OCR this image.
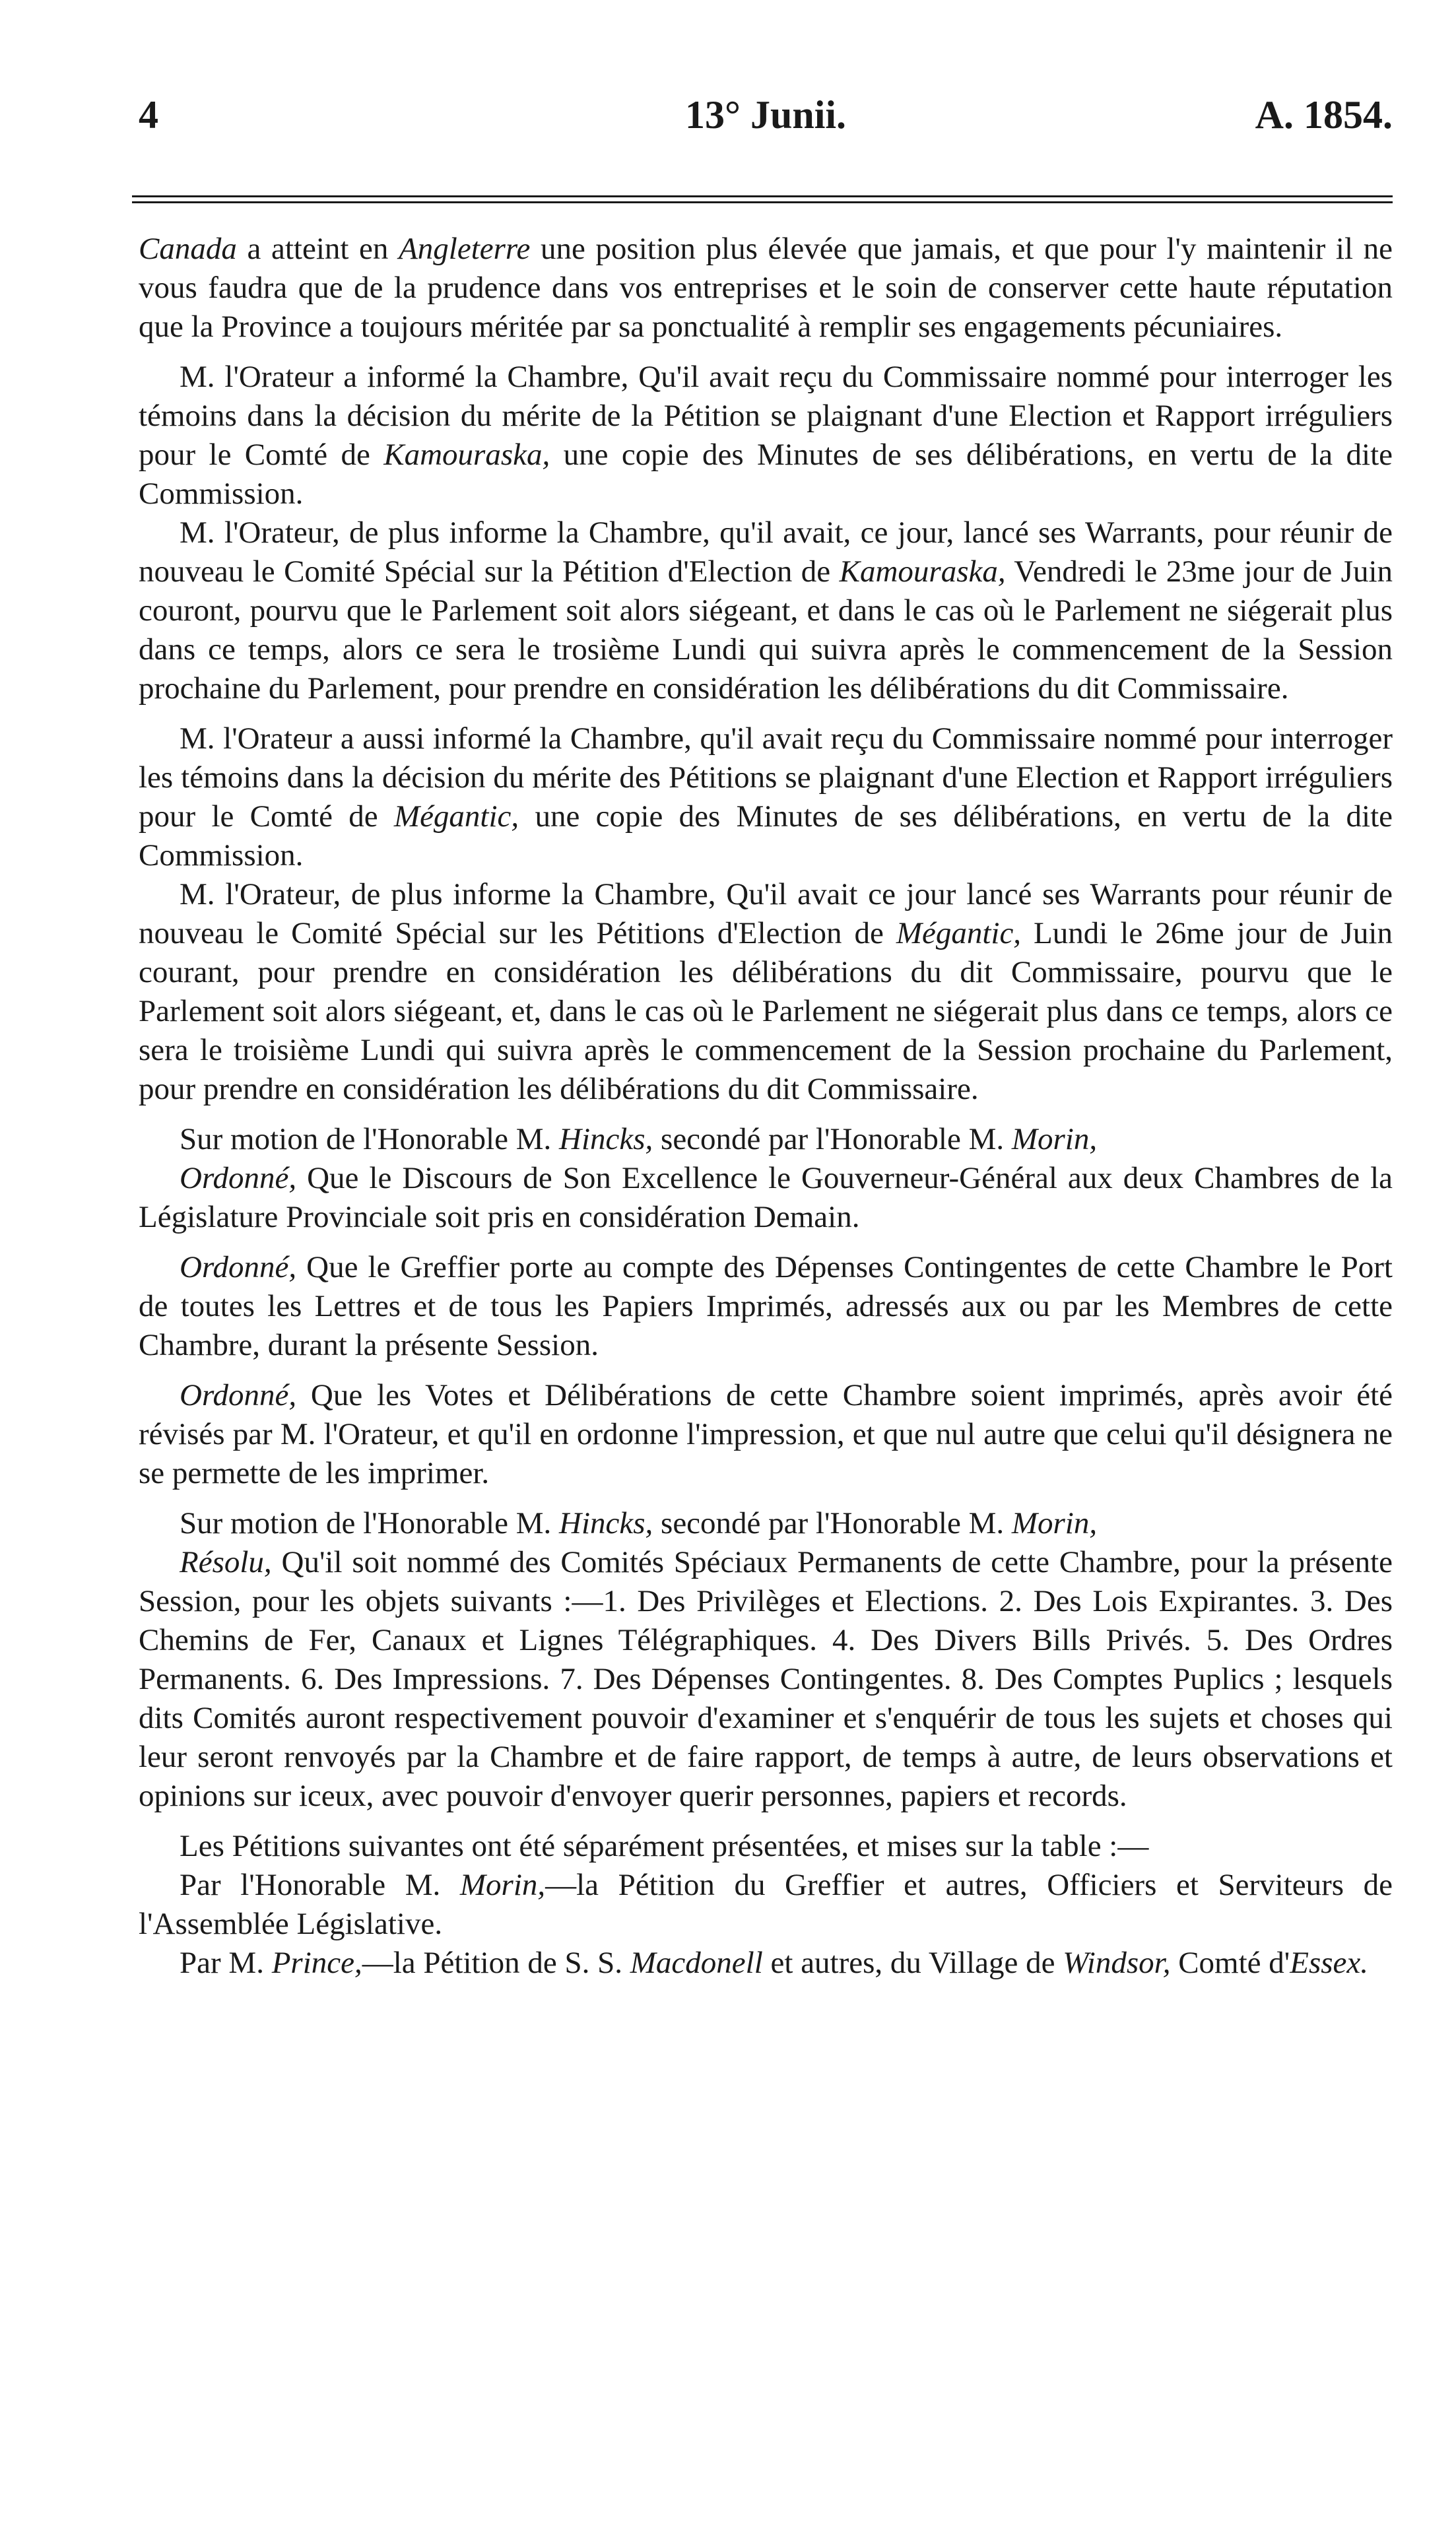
4	13° Junii.	A. 1854.

Canada a atteint en Angleterre une position plus élevée que jamais, et que pour l'y maintenir il ne vous faudra que de la prudence dans vos entreprises et le soin de conserver cette haute réputation que la Province a toujours méritée par sa ponctualité à remplir ses engagements pécuniaires.

M. l'Orateur a informé la Chambre, Qu'il avait reçu du Commissaire nommé pour interroger les témoins dans la décision du mérite de la Pétition se plaignant d'une Election et Rapport irréguliers pour le Comté de Kamouraska, une copie des Minutes de ses délibérations, en vertu de la dite Commission.

M. l'Orateur, de plus informe la Chambre, qu'il avait, ce jour, lancé ses Warrants, pour réunir de nouveau le Comité Spécial sur la Pétition d'Election de Kamouraska, Vendredi le 23me jour de Juin couront, pourvu que le Parlement soit alors siégeant, et dans le cas où le Parlement ne siégerait plus dans ce temps, alors ce sera le trosième Lundi qui suivra après le commencement de la Session prochaine du Parlement, pour prendre en considération les délibérations du dit Commissaire.

M. l'Orateur a aussi informé la Chambre, qu'il avait reçu du Commissaire nommé pour interroger les témoins dans la décision du mérite des Pétitions se plaignant d'une Election et Rapport irréguliers pour le Comté de Mégantic, une copie des Minutes de ses délibérations, en vertu de la dite Commission.

M. l'Orateur, de plus informe la Chambre, Qu'il avait ce jour lancé ses Warrants pour réunir de nouveau le Comité Spécial sur les Pétitions d'Election de Mégantic, Lundi le 26me jour de Juin courant, pour prendre en considération les délibérations du dit Commissaire, pourvu que le Parlement soit alors siégeant, et, dans le cas où le Parlement ne siégerait plus dans ce temps, alors ce sera le troisième Lundi qui suivra après le commencement de la Session prochaine du Parlement, pour prendre en considération les délibérations du dit Commissaire.

Sur motion de l'Honorable M. Hincks, secondé par l'Honorable M. Morin,

Ordonné, Que le Discours de Son Excellence le Gouverneur-Général aux deux Chambres de la Législature Provinciale soit pris en considération Demain.

Ordonné, Que le Greffier porte au compte des Dépenses Contingentes de cette Chambre le Port de toutes les Lettres et de tous les Papiers Imprimés, adressés aux ou par les Membres de cette Chambre, durant la présente Session.

Ordonné, Que les Votes et Délibérations de cette Chambre soient imprimés, après avoir été révisés par M. l'Orateur, et qu'il en ordonne l'impression, et que nul autre que celui qu'il désignera ne se permette de les imprimer.

Sur motion de l'Honorable M. Hincks, secondé par l'Honorable M. Morin,

Résolu, Qu'il soit nommé des Comités Spéciaux Permanents de cette Chambre, pour la présente Session, pour les objets suivants :—1. Des Privilèges et Elections. 2. Des Lois Expirantes. 3. Des Chemins de Fer, Canaux et Lignes Télégraphiques. 4. Des Divers Bills Privés. 5. Des Ordres Permanents. 6. Des Impressions. 7. Des Dépenses Contingentes. 8. Des Comptes Puplics ; lesquels dits Comités auront respectivement pouvoir d'examiner et s'enquérir de tous les sujets et choses qui leur seront renvoyés par la Chambre et de faire rapport, de temps à autre, de leurs observations et opinions sur iceux, avec pouvoir d'envoyer querir personnes, papiers et records.

Les Pétitions suivantes ont été séparément présentées, et mises sur la table :—

Par l'Honorable M. Morin,—la Pétition du Greffier et autres, Officiers et Serviteurs de l'Assemblée Législative.

Par M. Prince,—la Pétition de S. S. Macdonell et autres, du Village de Windsor, Comté d'Essex.
